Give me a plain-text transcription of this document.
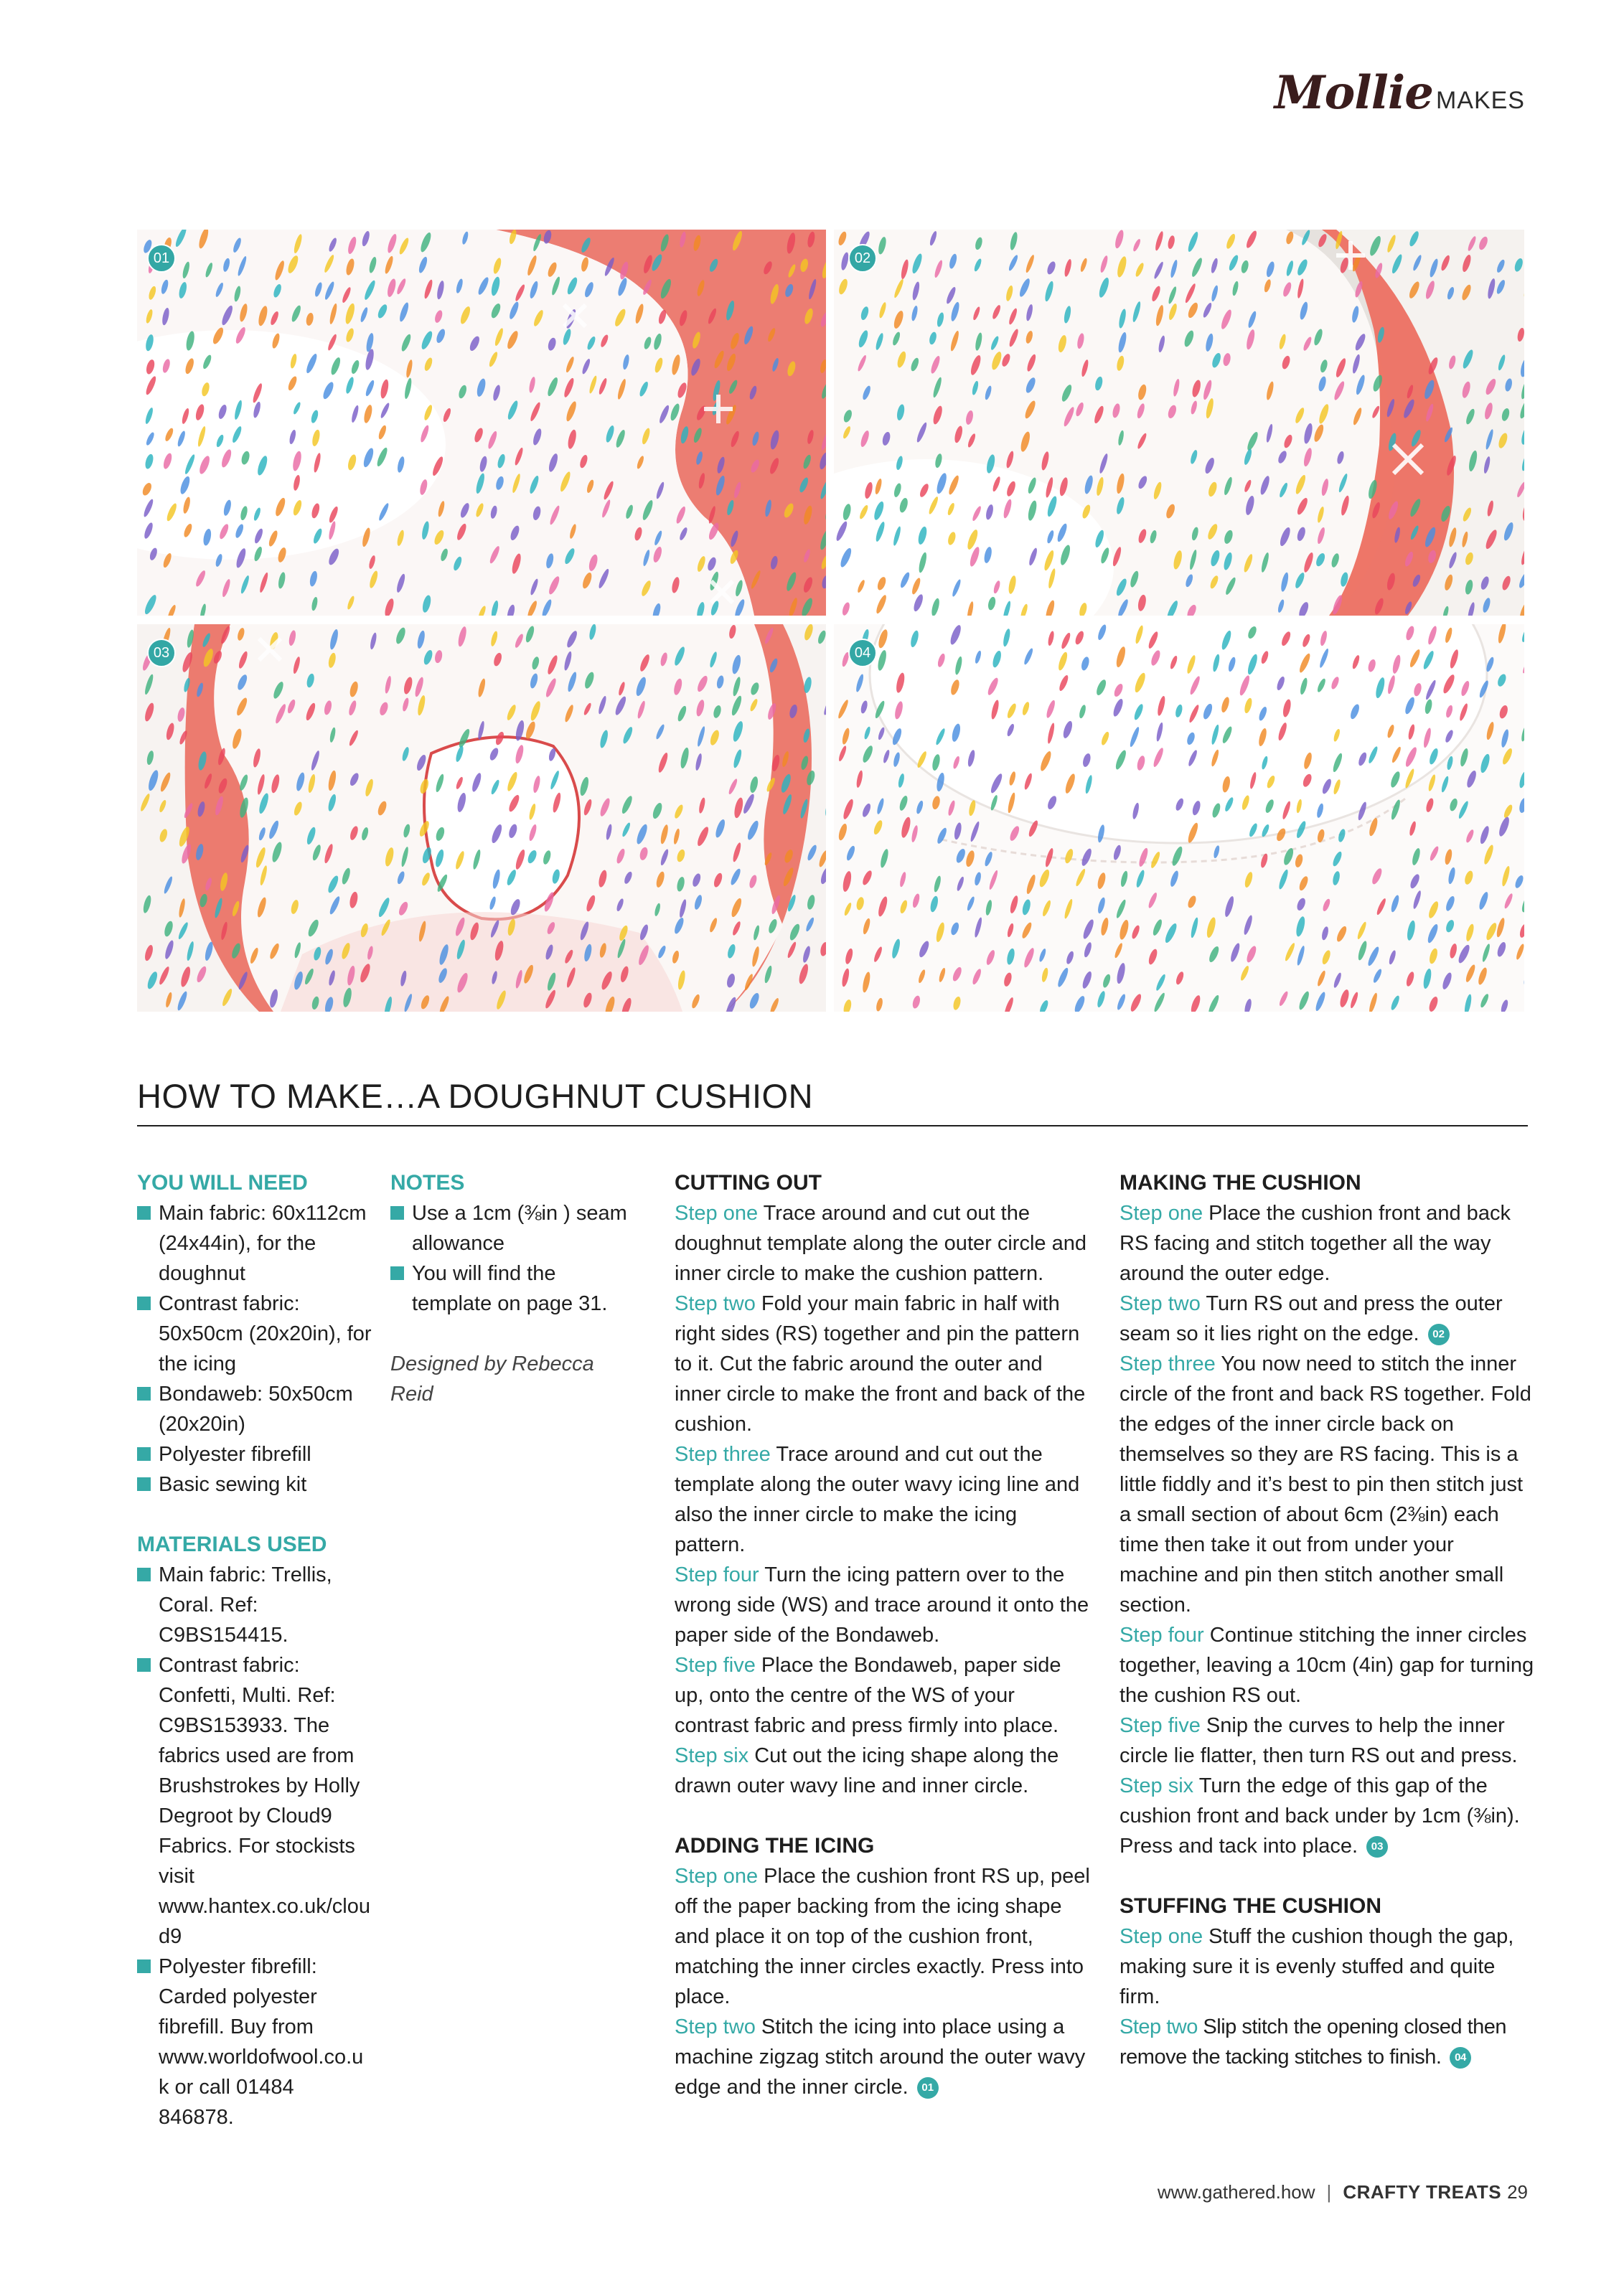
Mollie MAKES
01	02
03	04
HOW TO MAKE…A DOUGHNUT CUSHION
YOU WILL NEED
Main fabric: 60x112cm (24x44in), for the doughnut
Contrast fabric: 50x50cm (20x20in), for the icing
Bondaweb: 50x50cm (20x20in)
Polyester fibrefill
Basic sewing kit
MATERIALS USED
Main fabric: Trellis, Coral. Ref: C9BS154415.
Contrast fabric: Confetti, Multi. Ref: C9BS153933. The fabrics used are from Brushstrokes by Holly Degroot by Cloud9 Fabrics. For stockists visit www.hantex.co.uk/cloud9
Polyester fibrefill: Carded polyester fibrefill. Buy from www.worldofwool.co.uk or call 01484 846878.
NOTES
Use a 1cm (⅜in ) seam allowance
You will find the template on page 31.
Designed by Rebecca Reid
CUTTING OUT

Step one Trace around and cut out the doughnut template along the outer circle and inner circle to make the cushion pattern.

Step two Fold your main fabric in half with right sides (RS) together and pin the pattern to it. Cut the fabric around the outer and inner circle to make the front and back of the cushion.

Step three Trace around and cut out the template along the outer wavy icing line and also the inner circle to make the icing pattern.

Step four Turn the icing pattern over to the wrong side (WS) and trace around it onto the paper side of the Bondaweb.

Step five Place the Bondaweb, paper side up, onto the centre of the WS of your contrast fabric and press firmly into place.

Step six Cut out the icing shape along the drawn outer wavy line and inner circle.

ADDING THE ICING

Step one Place the cushion front RS up, peel off the paper backing from the icing shape and place it on top of the cushion front, matching the inner circles exactly. Press into place.

Step two Stitch the icing into place using a machine zigzag stitch around the outer wavy edge and the inner circle. 01

MAKING THE CUSHION

Step one Place the cushion front and back RS facing and stitch together all the way around the outer edge.

Step two Turn RS out and press the outer seam so it lies right on the edge. 02

Step three You now need to stitch the inner circle of the front and back RS together. Fold the edges of the inner circle back on themselves so they are RS facing. This is a little fiddly and it’s best to pin then stitch just a small section of about 6cm (2⅜in) each time then take it out from under your machine and pin then stitch another small section.

Step four Continue stitching the inner circles together, leaving a 10cm (4in) gap for turning the cushion RS out.

Step five Snip the curves to help the inner circle lie flatter, then turn RS out and press.

Step six Turn the edge of this gap of the cushion front and back under by 1cm (⅜in). Press and tack into place. 03

STUFFING THE CUSHION

Step one Stuff the cushion though the gap, making sure it is evenly stuffed and quite firm.

Step two Slip stitch the opening closed then remove the tacking stitches to finish. 04

www.gathered.how | CRAFTY TREATS 29
